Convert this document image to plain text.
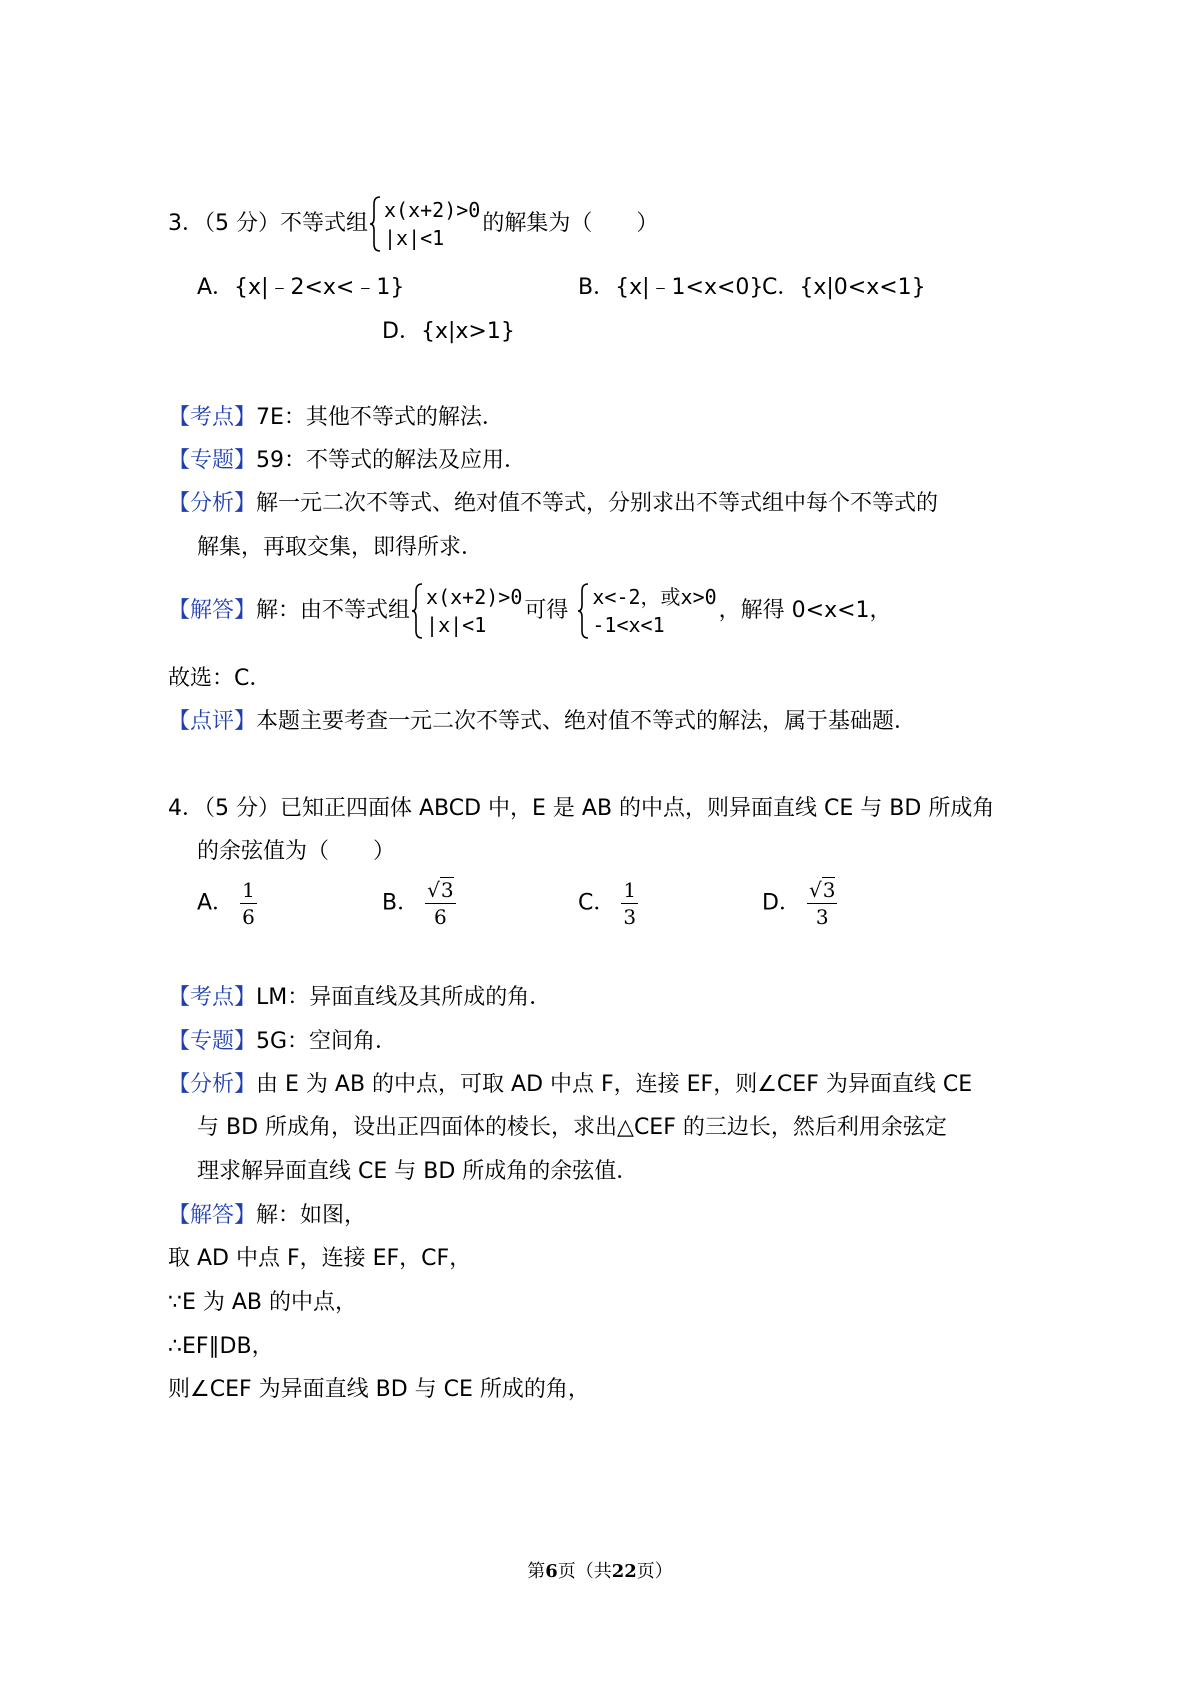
3．（5 分）不等式组
x(x+2)>0
|x|<1
的解集为（　　）
A．{x|﹣2<x<﹣1}	B．{x|﹣1<x<0}
C．{x|0<x<1}
D．{x|x>1}
【考点】7E：其他不等式的解法．
【专题】59：不等式的解法及应用．
【分析】解一元二次不等式、绝对值不等式，分别求出不等式组中每个不等式的
解集，再取交集，即得所求．
【解答】解：由不等式组
x(x+2)>0
|x|<1
可得
x<-2，或x>0
-1<x<1
，解得 0<x<1，
故选：C．
【点评】本题主要考查一元二次不等式、绝对值不等式的解法，属于基础题．
4．（5 分）已知正四面体 ABCD 中，E 是 AB 的中点，则异面直线 CE 与 BD 所成角
的余弦值为（　　）
A． $\frac{1}{6}$	B． $\frac{√3}{6}$	C． $\frac{1}{3}$	D． $\frac{√3}{3}$
【考点】LM：异面直线及其所成的角．
【专题】5G：空间角．
【分析】由 E 为 AB 的中点，可取 AD 中点 F，连接 EF，则∠CEF 为异面直线 CE
与 BD 所成角，设出正四面体的棱长，求出△CEF 的三边长，然后利用余弦定
理求解异面直线 CE 与 BD 所成角的余弦值．
【解答】解：如图，
取 AD 中点 F，连接 EF，CF，
∵E 为 AB 的中点，
∴EF∥DB，
则∠CEF 为异面直线 BD 与 CE 所成的角，
第6页（共22页）
